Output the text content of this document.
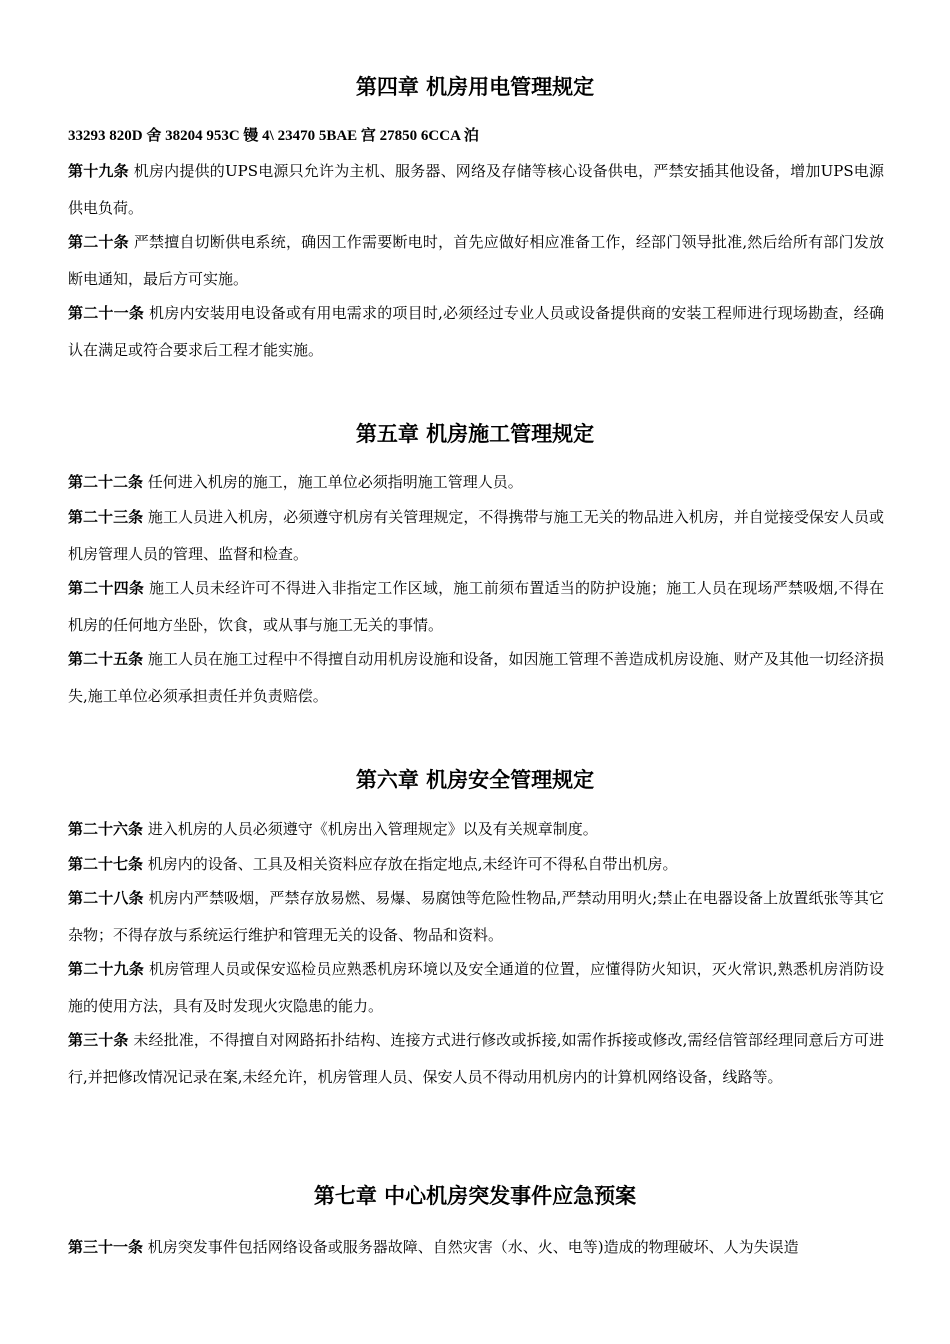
第四章 机房用电管理规定
33293 820D 舍 38204 953C 镘 4\ 23470 5BAE 宫 27850 6CCA 泊

第十九条 机房内提供的UPS电源只允许为主机、服务器、网络及存储等核心设备供电，严禁安插其他设备，增加UPS电源供电负荷。

第二十条 严禁擅自切断供电系统，确因工作需要断电时，首先应做好相应准备工作，经部门领导批准,然后给所有部门发放断电通知，最后方可实施。

第二十一条 机房内安装用电设备或有用电需求的项目时,必须经过专业人员或设备提供商的安装工程师进行现场勘查，经确认在满足或符合要求后工程才能实施。

第五章 机房施工管理规定

第二十二条 任何进入机房的施工，施工单位必须指明施工管理人员。

第二十三条 施工人员进入机房，必须遵守机房有关管理规定，不得携带与施工无关的物品进入机房，并自觉接受保安人员或机房管理人员的管理、监督和检查。

第二十四条 施工人员未经许可不得进入非指定工作区域，施工前须布置适当的防护设施；施工人员在现场严禁吸烟,不得在机房的任何地方坐卧，饮食，或从事与施工无关的事情。

第二十五条 施工人员在施工过程中不得擅自动用机房设施和设备，如因施工管理不善造成机房设施、财产及其他一切经济损失,施工单位必须承担责任并负责赔偿。

第六章 机房安全管理规定

第二十六条 进入机房的人员必须遵守《机房出入管理规定》以及有关规章制度。

第二十七条 机房内的设备、工具及相关资料应存放在指定地点,未经许可不得私自带出机房。

第二十八条 机房内严禁吸烟，严禁存放易燃、易爆、易腐蚀等危险性物品,严禁动用明火;禁止在电器设备上放置纸张等其它杂物；不得存放与系统运行维护和管理无关的设备、物品和资料。

第二十九条 机房管理人员或保安巡检员应熟悉机房环境以及安全通道的位置，应懂得防火知识，灭火常识,熟悉机房消防设施的使用方法，具有及时发现火灾隐患的能力。

第三十条 未经批准，不得擅自对网路拓扑结构、连接方式进行修改或拆接,如需作拆接或修改,需经信管部经理同意后方可进行,并把修改情况记录在案,未经允许，机房管理人员、保安人员不得动用机房内的计算机网络设备，线路等。

第七章 中心机房突发事件应急预案

第三十一条 机房突发事件包括网络设备或服务器故障、自然灾害（水、火、电等)造成的物理破坏、人为失误造
